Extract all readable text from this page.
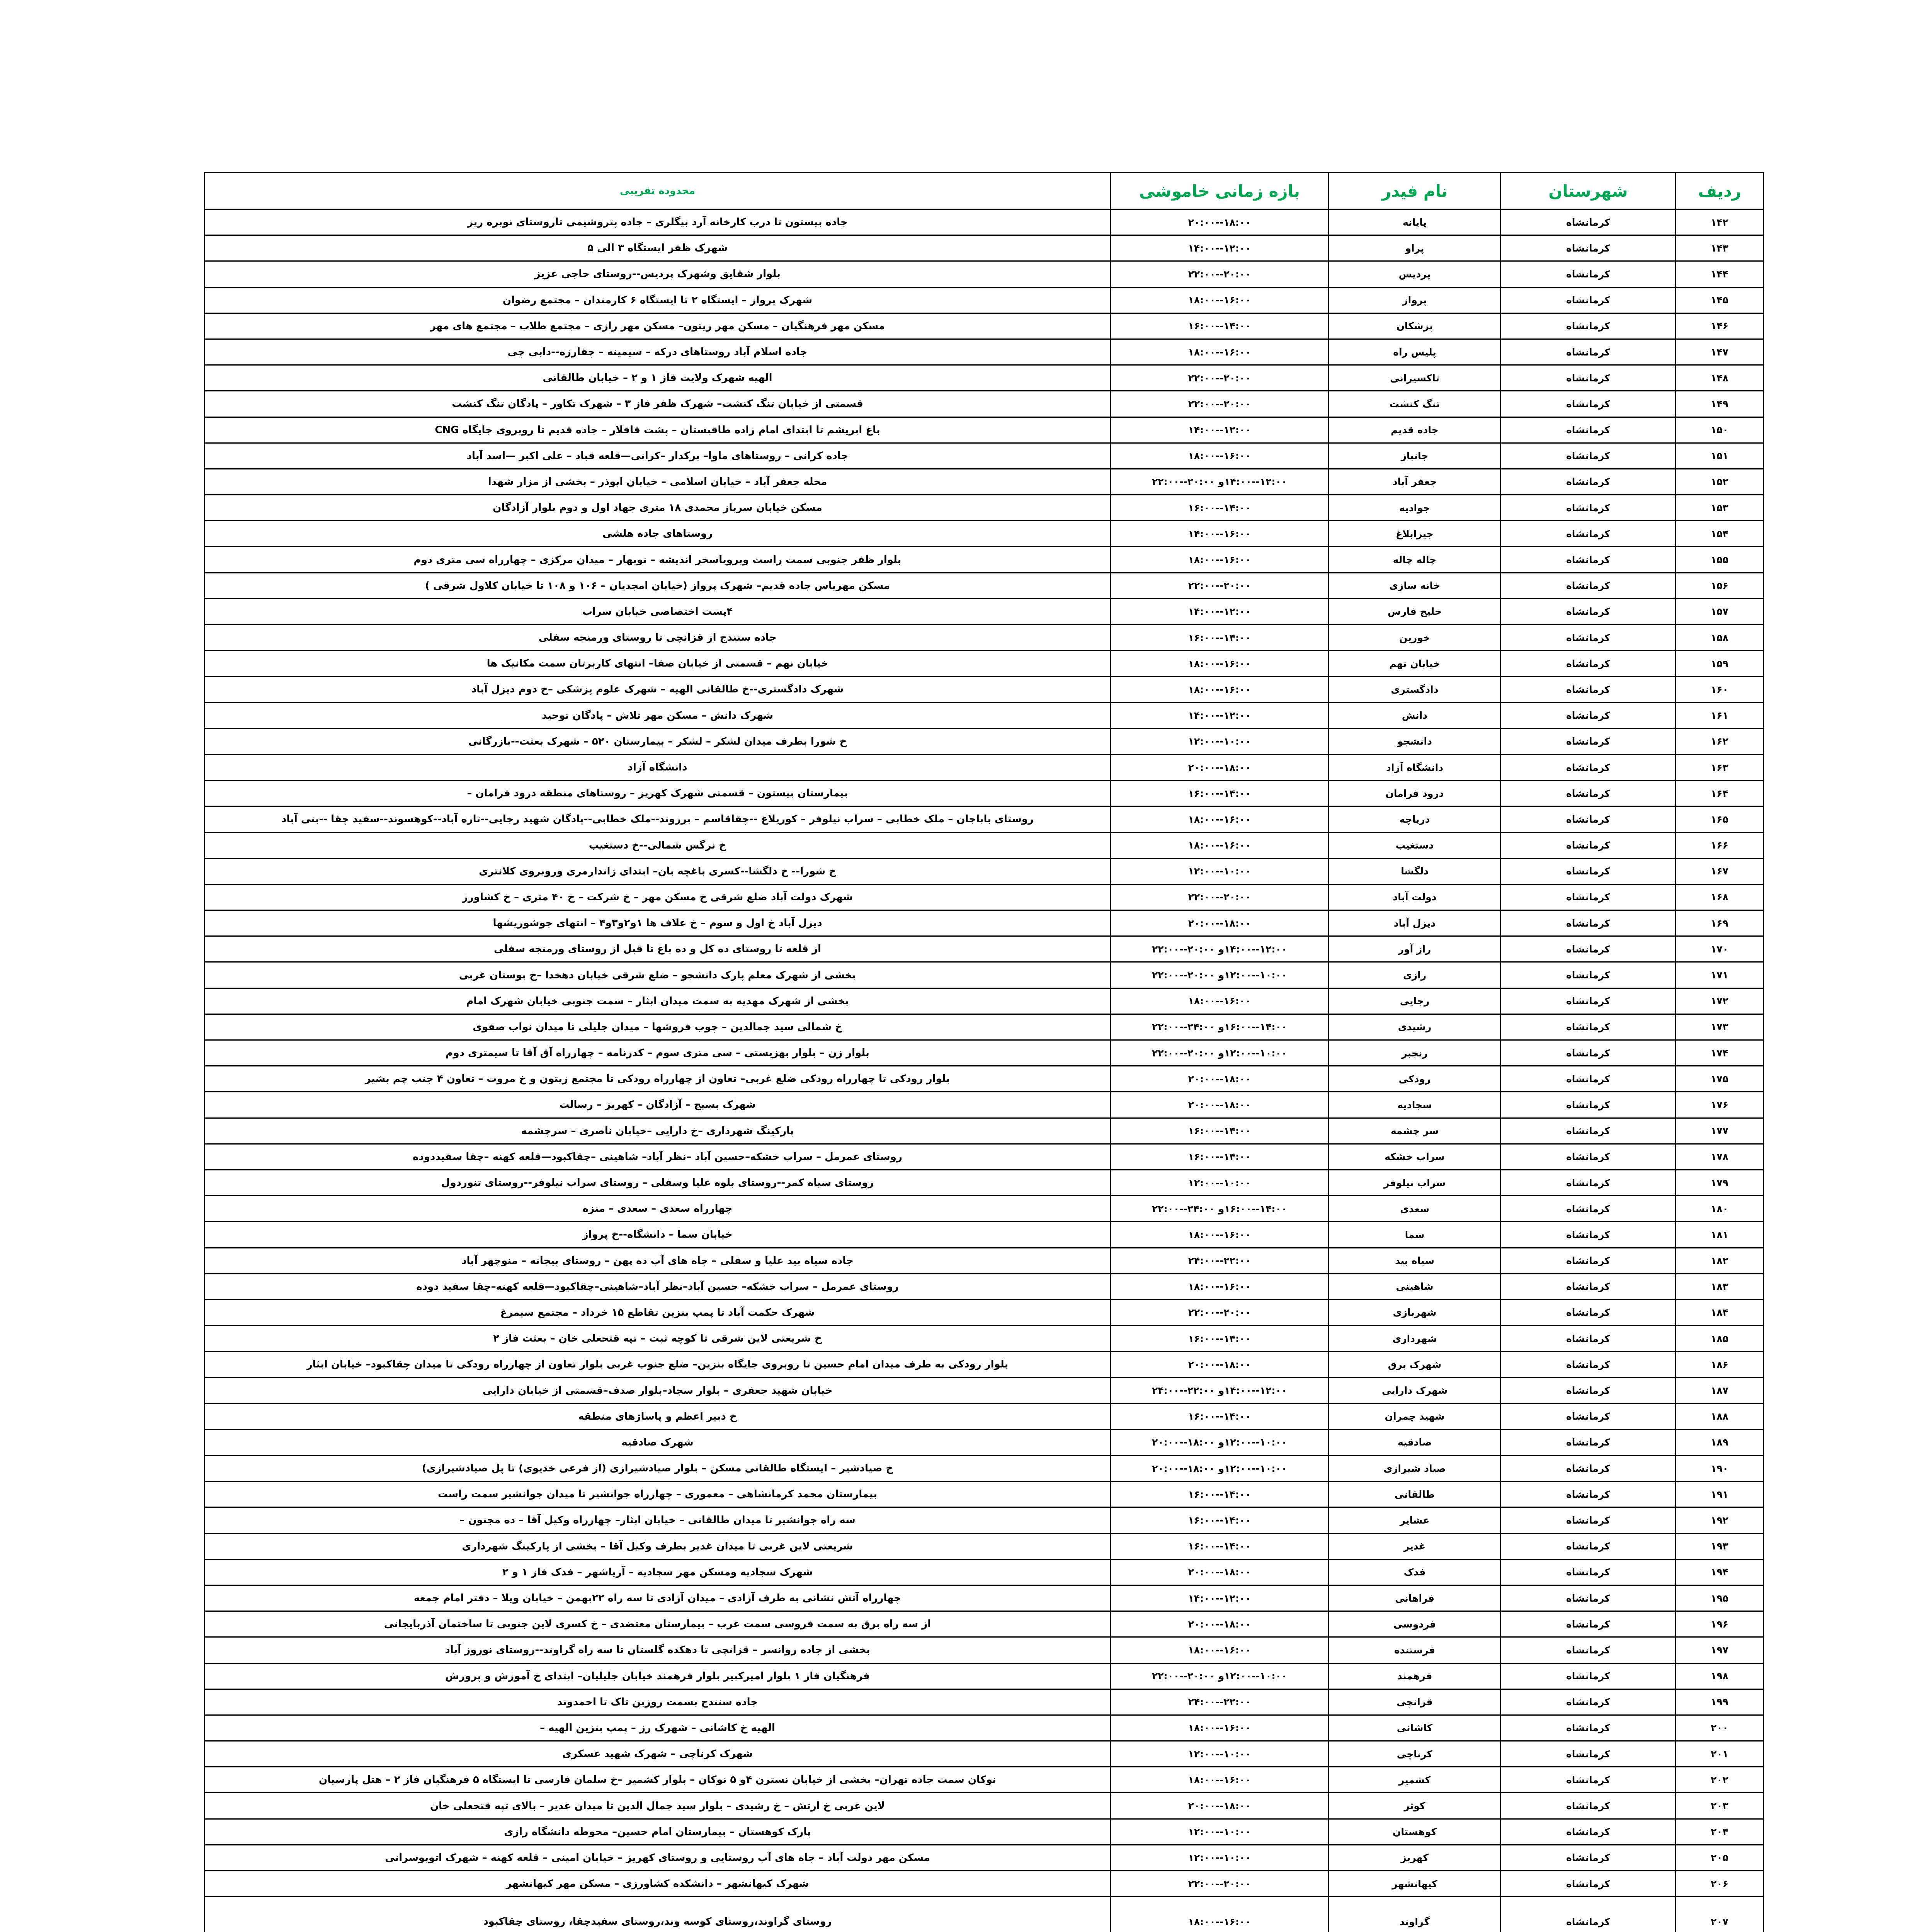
ردیف	شهرستان	نام فیدر	بازه زمانی خاموشی	محدوده تقریبی
۱۴۲	کرمانشاه	پایانه	۱۸:۰۰--۲۰:۰۰	جاده بیستون تا درب کارخانه آرد بیگلری – جاده پتروشیمی تاروستای نوبره ریز
۱۴۳	کرمانشاه	پراو	۱۲:۰۰--۱۴:۰۰	شهرک ظفر ایستگاه ۳ الی ۵
۱۴۴	کرمانشاه	پردیس	۲۰:۰۰--۲۲:۰۰	بلوار شقایق وشهرک پردیس--روستای حاجی عزیز
۱۴۵	کرمانشاه	پرواز	۱۶:۰۰--۱۸:۰۰	شهرک پرواز – ایستگاه ۲ تا ایستگاه ۶ کارمندان – مجتمع رضوان
۱۴۶	کرمانشاه	پزشکان	۱۴:۰۰--۱۶:۰۰	مسکن مهر فرهنگیان – مسکن مهر زیتون– مسکن مهر رازی – مجتمع طلاب – مجتمع های مهر
۱۴۷	کرمانشاه	پلیس راه	۱۶:۰۰--۱۸:۰۰	جاده اسلام آباد روستاهای درکه – سیمینه – چقارزه--دابی چی
۱۴۸	کرمانشاه	تاکسیرانی	۲۰:۰۰--۲۲:۰۰	الهیه شهرک ولایت فاز ۱ و ۲ – خیابان طالقانی
۱۴۹	کرمانشاه	تنگ کنشت	۲۰:۰۰--۲۲:۰۰	قسمتی از خیابان تنگ کنشت– شهرک ظفر فاز ۳ – شهرک تکاور – پادگان تنگ کنشت
۱۵۰	کرمانشاه	جاده قدیم	۱۲:۰۰--۱۴:۰۰	باغ ابریشم تا ابتدای امام زاده طاقبستان – پشت قاقلار – جاده قدیم تا روبروی جایگاه CNG
۱۵۱	کرمانشاه	جانباز	۱۶:۰۰--۱۸:۰۰	جاده کرانی – روستاهای ماوا– برکدار –کرانی—قلعه قباد – علی اکبر —اسد آباد
۱۵۲	کرمانشاه	جعفر آباد	۱۲:۰۰--۱۴:۰۰و ۲۰:۰۰--۲۲:۰۰	محله جعفر آباد – خیابان اسلامی – خیابان ابوذر – بخشی از مزار شهدا
۱۵۳	کرمانشاه	جوادیه	۱۴:۰۰--۱۶:۰۰	مسکن خیابان سرباز محمدی ۱۸ متری جهاد اول و دوم بلوار آزادگان
۱۵۴	کرمانشاه	جیرابلاغ	۱۶:۰۰--۱۴:۰۰	روستاهای جاده هلشی
۱۵۵	کرمانشاه	چاله چاله	۱۶:۰۰--۱۸:۰۰	بلوار ظفر جنوبی سمت راست وبرویاسخر اندیشه – نوبهار – میدان مرکزی – چهارراه سی متری دوم
۱۵۶	کرمانشاه	خانه سازی	۲۰:۰۰--۲۲:۰۰	مسکن مهریاس جاده قدیم– شهرک پرواز (خیابان امجدیان – ۱۰۶ و ۱۰۸ تا خیابان کلاول شرقی )
۱۵۷	کرمانشاه	خلیج فارس	۱۲:۰۰--۱۴:۰۰	۴پست اختصاصی خیابان سراب
۱۵۸	کرمانشاه	خورین	۱۴:۰۰--۱۶:۰۰	جاده سنندج از قزانچی تا روستای ورمنجه سفلی
۱۵۹	کرمانشاه	خیابان نهم	۱۶:۰۰--۱۸:۰۰	خیابان نهم – قسمتی از خیابان صفا– انتهای کاربرتان سمت مکانیک ها
۱۶۰	کرمانشاه	دادگستری	۱۶:۰۰--۱۸:۰۰	شهرک دادگستری--خ طالقانی الهیه – شهرک علوم پزشکی –خ دوم دیزل آباد
۱۶۱	کرمانشاه	دانش	۱۲:۰۰--۱۴:۰۰	شهرک دانش – مسکن مهر تلاش – پادگان توحید
۱۶۲	کرمانشاه	دانشجو	۱۰:۰۰--۱۲:۰۰	خ شورا بطرف میدان لشکر – لشکر – بیمارستان ۵۲۰ – شهرک بعثت--بازرگانی
۱۶۳	کرمانشاه	دانشگاه آزاد	۱۸:۰۰--۲۰:۰۰	دانشگاه آزاد
۱۶۴	کرمانشاه	درود فرامان	۱۴:۰۰--۱۶:۰۰	بیمارستان بیستون – قسمتی شهرک کهریز – روستاهای منطقه درود فرامان –
۱۶۵	کرمانشاه	دریاچه	۱۶:۰۰--۱۸:۰۰	روستای باباجان – ملک خطابی – سراب نیلوفر – کوریلاغ --چقاقاسم – برزوند--ملک خطابی--پادگان شهید رجایی--تازه آباد--کوهسوند--سفید چقا --بنی آباد
۱۶۶	کرمانشاه	دستغیب	۱۶:۰۰--۱۸:۰۰	خ نرگس شمالی--خ دستغیب
۱۶۷	کرمانشاه	دلگشا	۱۰:۰۰--۱۲:۰۰	خ شورا-- خ دلگشا--کسری باغچه بان– ابتدای ژاندارمری وروبروی کلانتری
۱۶۸	کرمانشاه	دولت آباد	۲۰:۰۰--۲۲:۰۰	شهرک دولت آباد ضلع شرقی خ مسکن مهر – خ شرکت – خ ۴۰ متری – خ کشاورز
۱۶۹	کرمانشاه	دیزل آباد	۱۸:۰۰--۲۰:۰۰	دیزل آباد خ اول و سوم – خ علاف ها ۱و۲و۳و۴ – انتهای جوشوریشها
۱۷۰	کرمانشاه	راز آور	۱۲:۰۰--۱۴:۰۰و ۲۰:۰۰--۲۲:۰۰	از قلعه تا روستای ده کل و ده باغ تا قبل از روستای ورمنجه سفلی
۱۷۱	کرمانشاه	رازی	۱۰:۰۰--۱۲:۰۰و ۲۰:۰۰--۲۲:۰۰	بخشی از شهرک معلم پارک دانشجو – ضلع شرقی خیابان دهخدا –خ بوستان غربی
۱۷۲	کرمانشاه	رجایی	۱۶:۰۰--۱۸:۰۰	بخشی از شهرک مهدیه به سمت میدان ابثار – سمت جنوبی خیابان شهرک امام
۱۷۳	کرمانشاه	رشیدی	۱۴:۰۰--۱۶:۰۰و ۲۴:۰۰--۲۲:۰۰	خ شمالی سید جمالدین – چوب فروشها – میدان جلیلی تا میدان نواب صفوی
۱۷۴	کرمانشاه	رنجبر	۱۰:۰۰--۱۲:۰۰و ۲۰:۰۰--۲۲:۰۰	بلوار زن – بلوار بهزیستی – سی متری سوم – کدرنامه – چهارراه آق آقا تا سیمتری دوم
۱۷۵	کرمانشاه	رودکی	۱۸:۰۰--۲۰:۰۰	بلوار رودکی تا چهارراه رودکی ضلع غربی– تعاون از چهارراه رودکی تا مجتمع زیتون و خ مروت – تعاون ۴ جنب چم بشیر
۱۷۶	کرمانشاه	سجادیه	۱۸:۰۰--۲۰:۰۰	شهرک بسیج – آزادگان – کهریز – رسالت
۱۷۷	کرمانشاه	سر چشمه	۱۴:۰۰--۱۶:۰۰	پارکینگ شهرداری –خ دارایی –خیابان ناصری – سرچشمه
۱۷۸	کرمانشاه	سراب خشکه	۱۴:۰۰--۱۶:۰۰	روستای عمرمل – سراب خشکه–حسین آباد –نظر آباد– شاهینی –چقاکبود—قلعه کهنه –چقا سفیددوده
۱۷۹	کرمانشاه	سراب نیلوفر	۱۰:۰۰--۱۲:۰۰	روستای سیاه کمر--روستای بلوه علیا وسفلی – روستای سراب نیلوفر--روستای تنوردول
۱۸۰	کرمانشاه	سعدی	۱۴:۰۰--۱۶:۰۰و ۲۴:۰۰--۲۲:۰۰	چهارراه سعدی – سعدی – منزه
۱۸۱	کرمانشاه	سما	۱۶:۰۰--۱۸:۰۰	خیابان سما – دانشگاه--خ پرواز
۱۸۲	کرمانشاه	سیاه بید	۲۲:۰۰--۲۴:۰۰	جاده سیاه بید علیا و سفلی – جاه های آب ده پهن – روستای بیجانه – منوچهر آباد
۱۸۳	کرمانشاه	شاهینی	۱۶:۰۰--۱۸:۰۰	روستای عمرمل – سراب خشکه– حسین آباد–نظر آباد–شاهینی–چقاکبود—قلعه کهنه–چقا سفید دوده
۱۸۴	کرمانشاه	شهربازی	۲۰:۰۰--۲۲:۰۰	شهرک حکمت آباد تا پمپ بنزین تقاطع ۱۵ خرداد – مجتمع سیمرغ
۱۸۵	کرمانشاه	شهرداری	۱۴:۰۰--۱۶:۰۰	خ شریعتی لاین شرقی تا کوچه ثبت – تپه قتحعلی خان – بعثت فاز ۲
۱۸۶	کرمانشاه	شهرک برق	۱۸:۰۰--۲۰:۰۰	بلوار رودکی به طرف میدان امام حسین تا روبروی جایگاه بنزین– ضلع جنوب غربی بلوار تعاون از چهارراه رودکی تا میدان چقاکبود– خیابان ابثار
۱۸۷	کرمانشاه	شهرک دارایی	۱۲:۰۰--۱۴:۰۰و ۲۲:۰۰--۲۴:۰۰	خیابان شهید جعفری – بلوار سجاد–بلوار صدف–قسمتی از خیابان دارایی
۱۸۸	کرمانشاه	شهید چمران	۱۴:۰۰--۱۶:۰۰	خ دبیر اعظم و پاساژهای منطقه
۱۸۹	کرمانشاه	صادقیه	۱۰:۰۰--۱۲:۰۰و ۱۸:۰۰--۲۰:۰۰	شهرک صادقیه
۱۹۰	کرمانشاه	صیاد شیرازی	۱۰:۰۰--۱۲:۰۰و ۱۸:۰۰--۲۰:۰۰	خ صیادشیر – ایستگاه طالقانی مسکن – بلوار صیادشیرازی (از فرعی خدیوی) تا پل صیادشیرازی)
۱۹۱	کرمانشاه	طالقانی	۱۴:۰۰--۱۶:۰۰	بیمارستان محمد کرمانشاهی – معموری – چهارراه جوانشیر تا میدان جوانشیر سمت راست
۱۹۲	کرمانشاه	عشایر	۱۴:۰۰--۱۶:۰۰	سه راه جوانشیر تا میدان طالقانی – خیابان ابثار– چهارراه وکیل آقا – ده مجنون –
۱۹۳	کرمانشاه	غدیر	۱۴:۰۰--۱۶:۰۰	شریعتی لاین غربی تا میدان غدیر بطرف وکیل آقا – بخشی از پارکینگ شهرداری
۱۹۴	کرمانشاه	فدک	۱۸:۰۰--۲۰:۰۰	شهرک سجادیه ومسکن مهر سجادیه – آریاشهر – فدک فاز ۱ و ۲
۱۹۵	کرمانشاه	فراهانی	۱۲:۰۰--۱۴:۰۰	چهارراه آتش نشانی به طرف آزادی – میدان آزادی تا سه راه ۲۲بهمن – خیابان ویلا – دفتر امام جمعه
۱۹۶	کرمانشاه	فردوسی	۱۸:۰۰--۲۰:۰۰	از سه راه برق به سمت فروسی سمت غرب – بیمارستان معتضدی – خ کسری لاین جنوبی تا ساختمان آذربایجانی
۱۹۷	کرمانشاه	فرستنده	۱۶:۰۰--۱۸:۰۰	بخشی از جاده روانسر – قزانچی تا دهکده گلستان تا سه راه گراوند--روستای نوروز آباد
۱۹۸	کرمانشاه	فرهمند	۱۰:۰۰--۱۲:۰۰و ۲۰:۰۰--۲۲:۰۰	فرهنگیان فاز ۱ بلوار امیرکبیر بلوار فرهمند خیابان جلیلیان– ابتدای خ آموزش و پرورش
۱۹۹	کرمانشاه	قزانچی	۲۲:۰۰--۲۴:۰۰	جاده سنندج بسمت روزبن تاک تا احمدوند
۲۰۰	کرمانشاه	کاشانی	۱۶:۰۰--۱۸:۰۰	الهیه خ کاشانی – شهرک رز – پمپ بنزین الهیه –
۲۰۱	کرمانشاه	کرناچی	۱۰:۰۰--۱۲:۰۰	شهرک کرناچی – شهرک شهید عسکری
۲۰۲	کرمانشاه	کشمیر	۱۶:۰۰--۱۸:۰۰	نوکان سمت جاده تهران– بخشی از خیابان نسترن ۴و ۵ نوکان – بلوار کشمیر –خ سلمان فارسی تا ایستگاه ۵ فرهنگیان فاز ۲ – هتل پارسیان
۲۰۳	کرمانشاه	کوثر	۱۸:۰۰--۲۰:۰۰	لاین غربی خ ارتش – خ رشیدی – بلوار سید جمال الدین تا میدان غدیر – بالای تپه قتحعلی خان
۲۰۴	کرمانشاه	کوهستان	۱۰:۰۰--۱۲:۰۰	پارک کوهستان – بیمارستان امام حسین– محوطه دانشگاه رازی
۲۰۵	کرمانشاه	کهریز	۱۰:۰۰--۱۲:۰۰	مسکن مهر دولت آباد – جاه های آب روستایی و روستای کهریز – خیابان امینی – قلعه کهنه – شهرک اتوبوسرانی
۲۰۶	کرمانشاه	کیهانشهر	۲۰:۰۰--۲۲:۰۰	شهرک کیهانشهر – دانشکده کشاورزی – مسکن مهر کیهانشهر
۲۰۷	کرمانشاه	گراوند	۱۶:۰۰--۱۸:۰۰	روستای گراوند،روستای کوسه وند،روستای سفیدچقا، روستای چقاکبود
